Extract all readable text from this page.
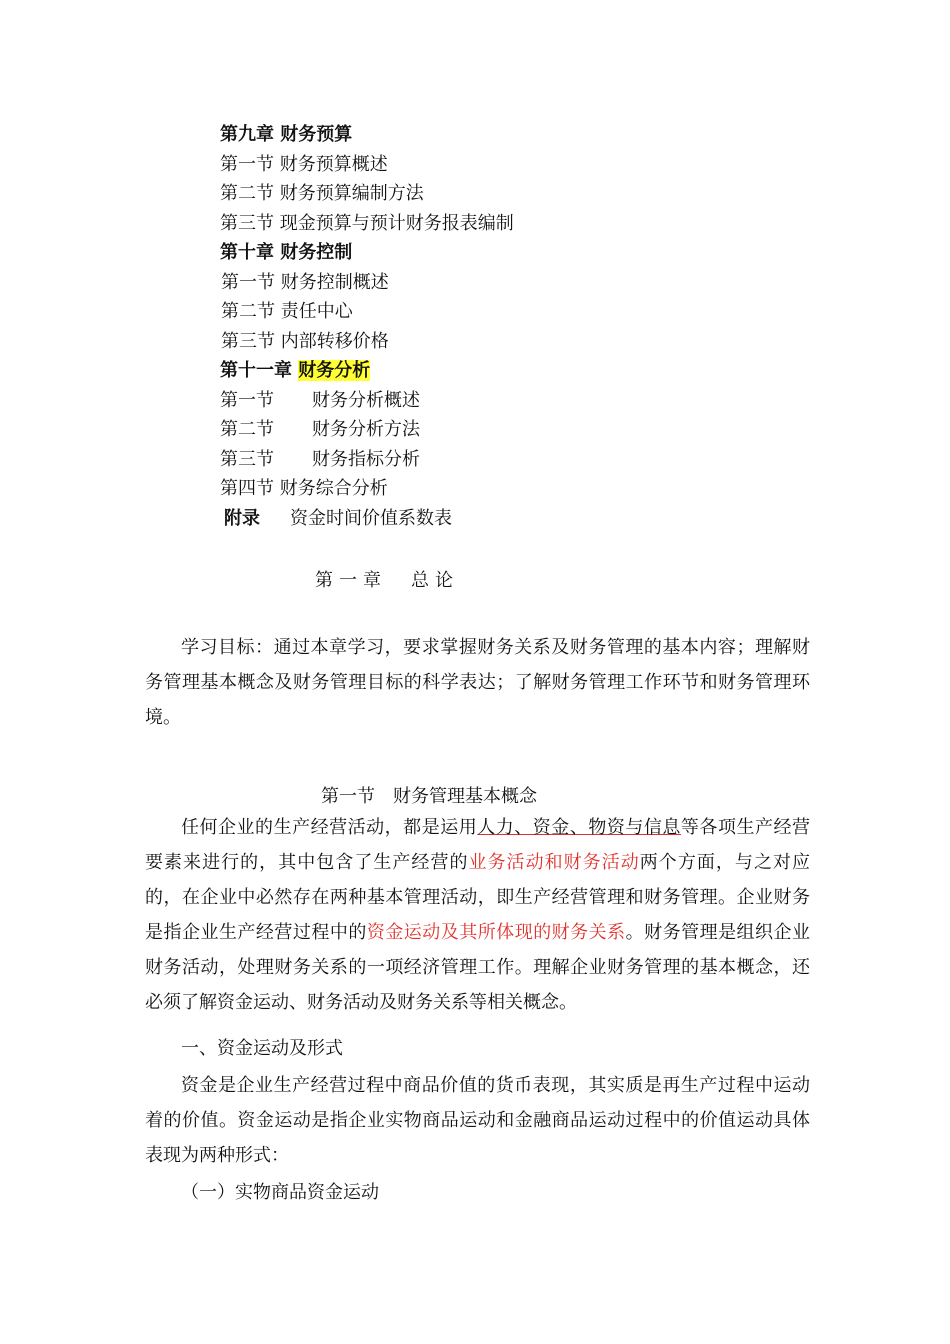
第九章 财务预算
第一节 财务预算概述
第二节 财务预算编制方法
第三节 现金预算与预计财务报表编制
第十章 财务控制
第一节 财务控制概述
第二节 责任中心
第三节 内部转移价格
第十一章 财务分析
第一节 财务分析概述
第二节 财务分析方法
第三节 财务指标分析
第四节 财务综合分析
附录 资金时间价值系数表
第一章　总论
学习目标：通过本章学习，要求掌握财务关系及财务管理的基本内容；理解财务管理基本概念及财务管理目标的科学表达；了解财务管理工作环节和财务管理环境。
第一节　财务管理基本概念
任何企业的生产经营活动，都是运用人力、资金、物资与信息等各项生产经营要素来进行的，其中包含了生产经营的业务活动和财务活动两个方面，与之对应的，在企业中必然存在两种基本管理活动，即生产经营管理和财务管理。企业财务是指企业生产经营过程中的资金运动及其所体现的财务关系。财务管理是组织企业财务活动，处理财务关系的一项经济管理工作。理解企业财务管理的基本概念，还必须了解资金运动、财务活动及财务关系等相关概念。
一、资金运动及形式
资金是企业生产经营过程中商品价值的货币表现，其实质是再生产过程中运动着的价值。资金运动是指企业实物商品运动和金融商品运动过程中的价值运动具体表现为两种形式：
（一）实物商品资金运动
